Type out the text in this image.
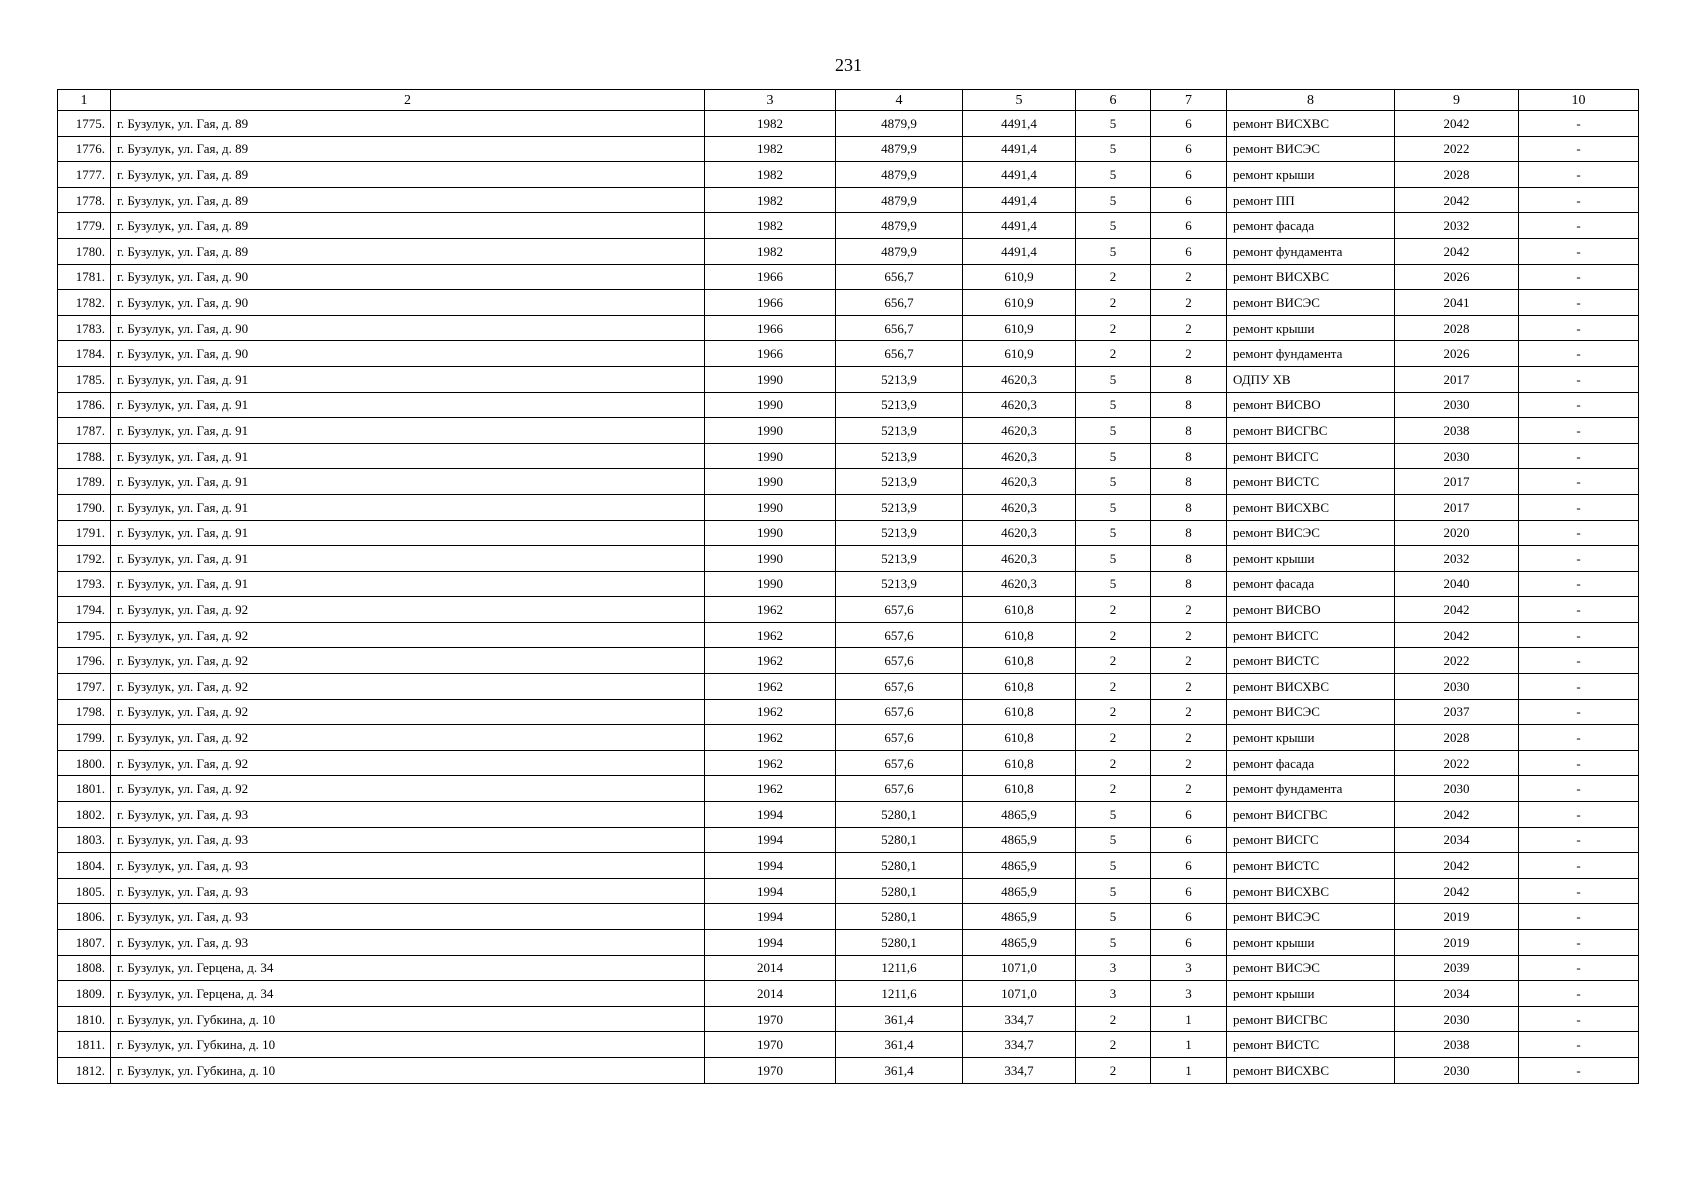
231
1	2	3	4	5	6	7	8	9	10
1775.	г. Бузулук, ул. Гая, д. 89	1982	4879,9	4491,4	5	6	ремонт ВИСХВС	2042	-
1776.	г. Бузулук, ул. Гая, д. 89	1982	4879,9	4491,4	5	6	ремонт ВИСЭС	2022	-
1777.	г. Бузулук, ул. Гая, д. 89	1982	4879,9	4491,4	5	6	ремонт крыши	2028	-
1778.	г. Бузулук, ул. Гая, д. 89	1982	4879,9	4491,4	5	6	ремонт ПП	2042	-
1779.	г. Бузулук, ул. Гая, д. 89	1982	4879,9	4491,4	5	6	ремонт фасада	2032	-
1780.	г. Бузулук, ул. Гая, д. 89	1982	4879,9	4491,4	5	6	ремонт фундамента	2042	-
1781.	г. Бузулук, ул. Гая, д. 90	1966	656,7	610,9	2	2	ремонт ВИСХВС	2026	-
1782.	г. Бузулук, ул. Гая, д. 90	1966	656,7	610,9	2	2	ремонт ВИСЭС	2041	-
1783.	г. Бузулук, ул. Гая, д. 90	1966	656,7	610,9	2	2	ремонт крыши	2028	-
1784.	г. Бузулук, ул. Гая, д. 90	1966	656,7	610,9	2	2	ремонт фундамента	2026	-
1785.	г. Бузулук, ул. Гая, д. 91	1990	5213,9	4620,3	5	8	ОДПУ ХВ	2017	-
1786.	г. Бузулук, ул. Гая, д. 91	1990	5213,9	4620,3	5	8	ремонт ВИСВО	2030	-
1787.	г. Бузулук, ул. Гая, д. 91	1990	5213,9	4620,3	5	8	ремонт ВИСГВС	2038	-
1788.	г. Бузулук, ул. Гая, д. 91	1990	5213,9	4620,3	5	8	ремонт ВИСГС	2030	-
1789.	г. Бузулук, ул. Гая, д. 91	1990	5213,9	4620,3	5	8	ремонт ВИСТС	2017	-
1790.	г. Бузулук, ул. Гая, д. 91	1990	5213,9	4620,3	5	8	ремонт ВИСХВС	2017	-
1791.	г. Бузулук, ул. Гая, д. 91	1990	5213,9	4620,3	5	8	ремонт ВИСЭС	2020	-
1792.	г. Бузулук, ул. Гая, д. 91	1990	5213,9	4620,3	5	8	ремонт крыши	2032	-
1793.	г. Бузулук, ул. Гая, д. 91	1990	5213,9	4620,3	5	8	ремонт фасада	2040	-
1794.	г. Бузулук, ул. Гая, д. 92	1962	657,6	610,8	2	2	ремонт ВИСВО	2042	-
1795.	г. Бузулук, ул. Гая, д. 92	1962	657,6	610,8	2	2	ремонт ВИСГС	2042	-
1796.	г. Бузулук, ул. Гая, д. 92	1962	657,6	610,8	2	2	ремонт ВИСТС	2022	-
1797.	г. Бузулук, ул. Гая, д. 92	1962	657,6	610,8	2	2	ремонт ВИСХВС	2030	-
1798.	г. Бузулук, ул. Гая, д. 92	1962	657,6	610,8	2	2	ремонт ВИСЭС	2037	-
1799.	г. Бузулук, ул. Гая, д. 92	1962	657,6	610,8	2	2	ремонт крыши	2028	-
1800.	г. Бузулук, ул. Гая, д. 92	1962	657,6	610,8	2	2	ремонт фасада	2022	-
1801.	г. Бузулук, ул. Гая, д. 92	1962	657,6	610,8	2	2	ремонт фундамента	2030	-
1802.	г. Бузулук, ул. Гая, д. 93	1994	5280,1	4865,9	5	6	ремонт ВИСГВС	2042	-
1803.	г. Бузулук, ул. Гая, д. 93	1994	5280,1	4865,9	5	6	ремонт ВИСГС	2034	-
1804.	г. Бузулук, ул. Гая, д. 93	1994	5280,1	4865,9	5	6	ремонт ВИСТС	2042	-
1805.	г. Бузулук, ул. Гая, д. 93	1994	5280,1	4865,9	5	6	ремонт ВИСХВС	2042	-
1806.	г. Бузулук, ул. Гая, д. 93	1994	5280,1	4865,9	5	6	ремонт ВИСЭС	2019	-
1807.	г. Бузулук, ул. Гая, д. 93	1994	5280,1	4865,9	5	6	ремонт крыши	2019	-
1808.	г. Бузулук, ул. Герцена, д. 34	2014	1211,6	1071,0	3	3	ремонт ВИСЭС	2039	-
1809.	г. Бузулук, ул. Герцена, д. 34	2014	1211,6	1071,0	3	3	ремонт крыши	2034	-
1810.	г. Бузулук, ул. Губкина, д. 10	1970	361,4	334,7	2	1	ремонт ВИСГВС	2030	-
1811.	г. Бузулук, ул. Губкина, д. 10	1970	361,4	334,7	2	1	ремонт ВИСТС	2038	-
1812.	г. Бузулук, ул. Губкина, д. 10	1970	361,4	334,7	2	1	ремонт ВИСХВС	2030	-
